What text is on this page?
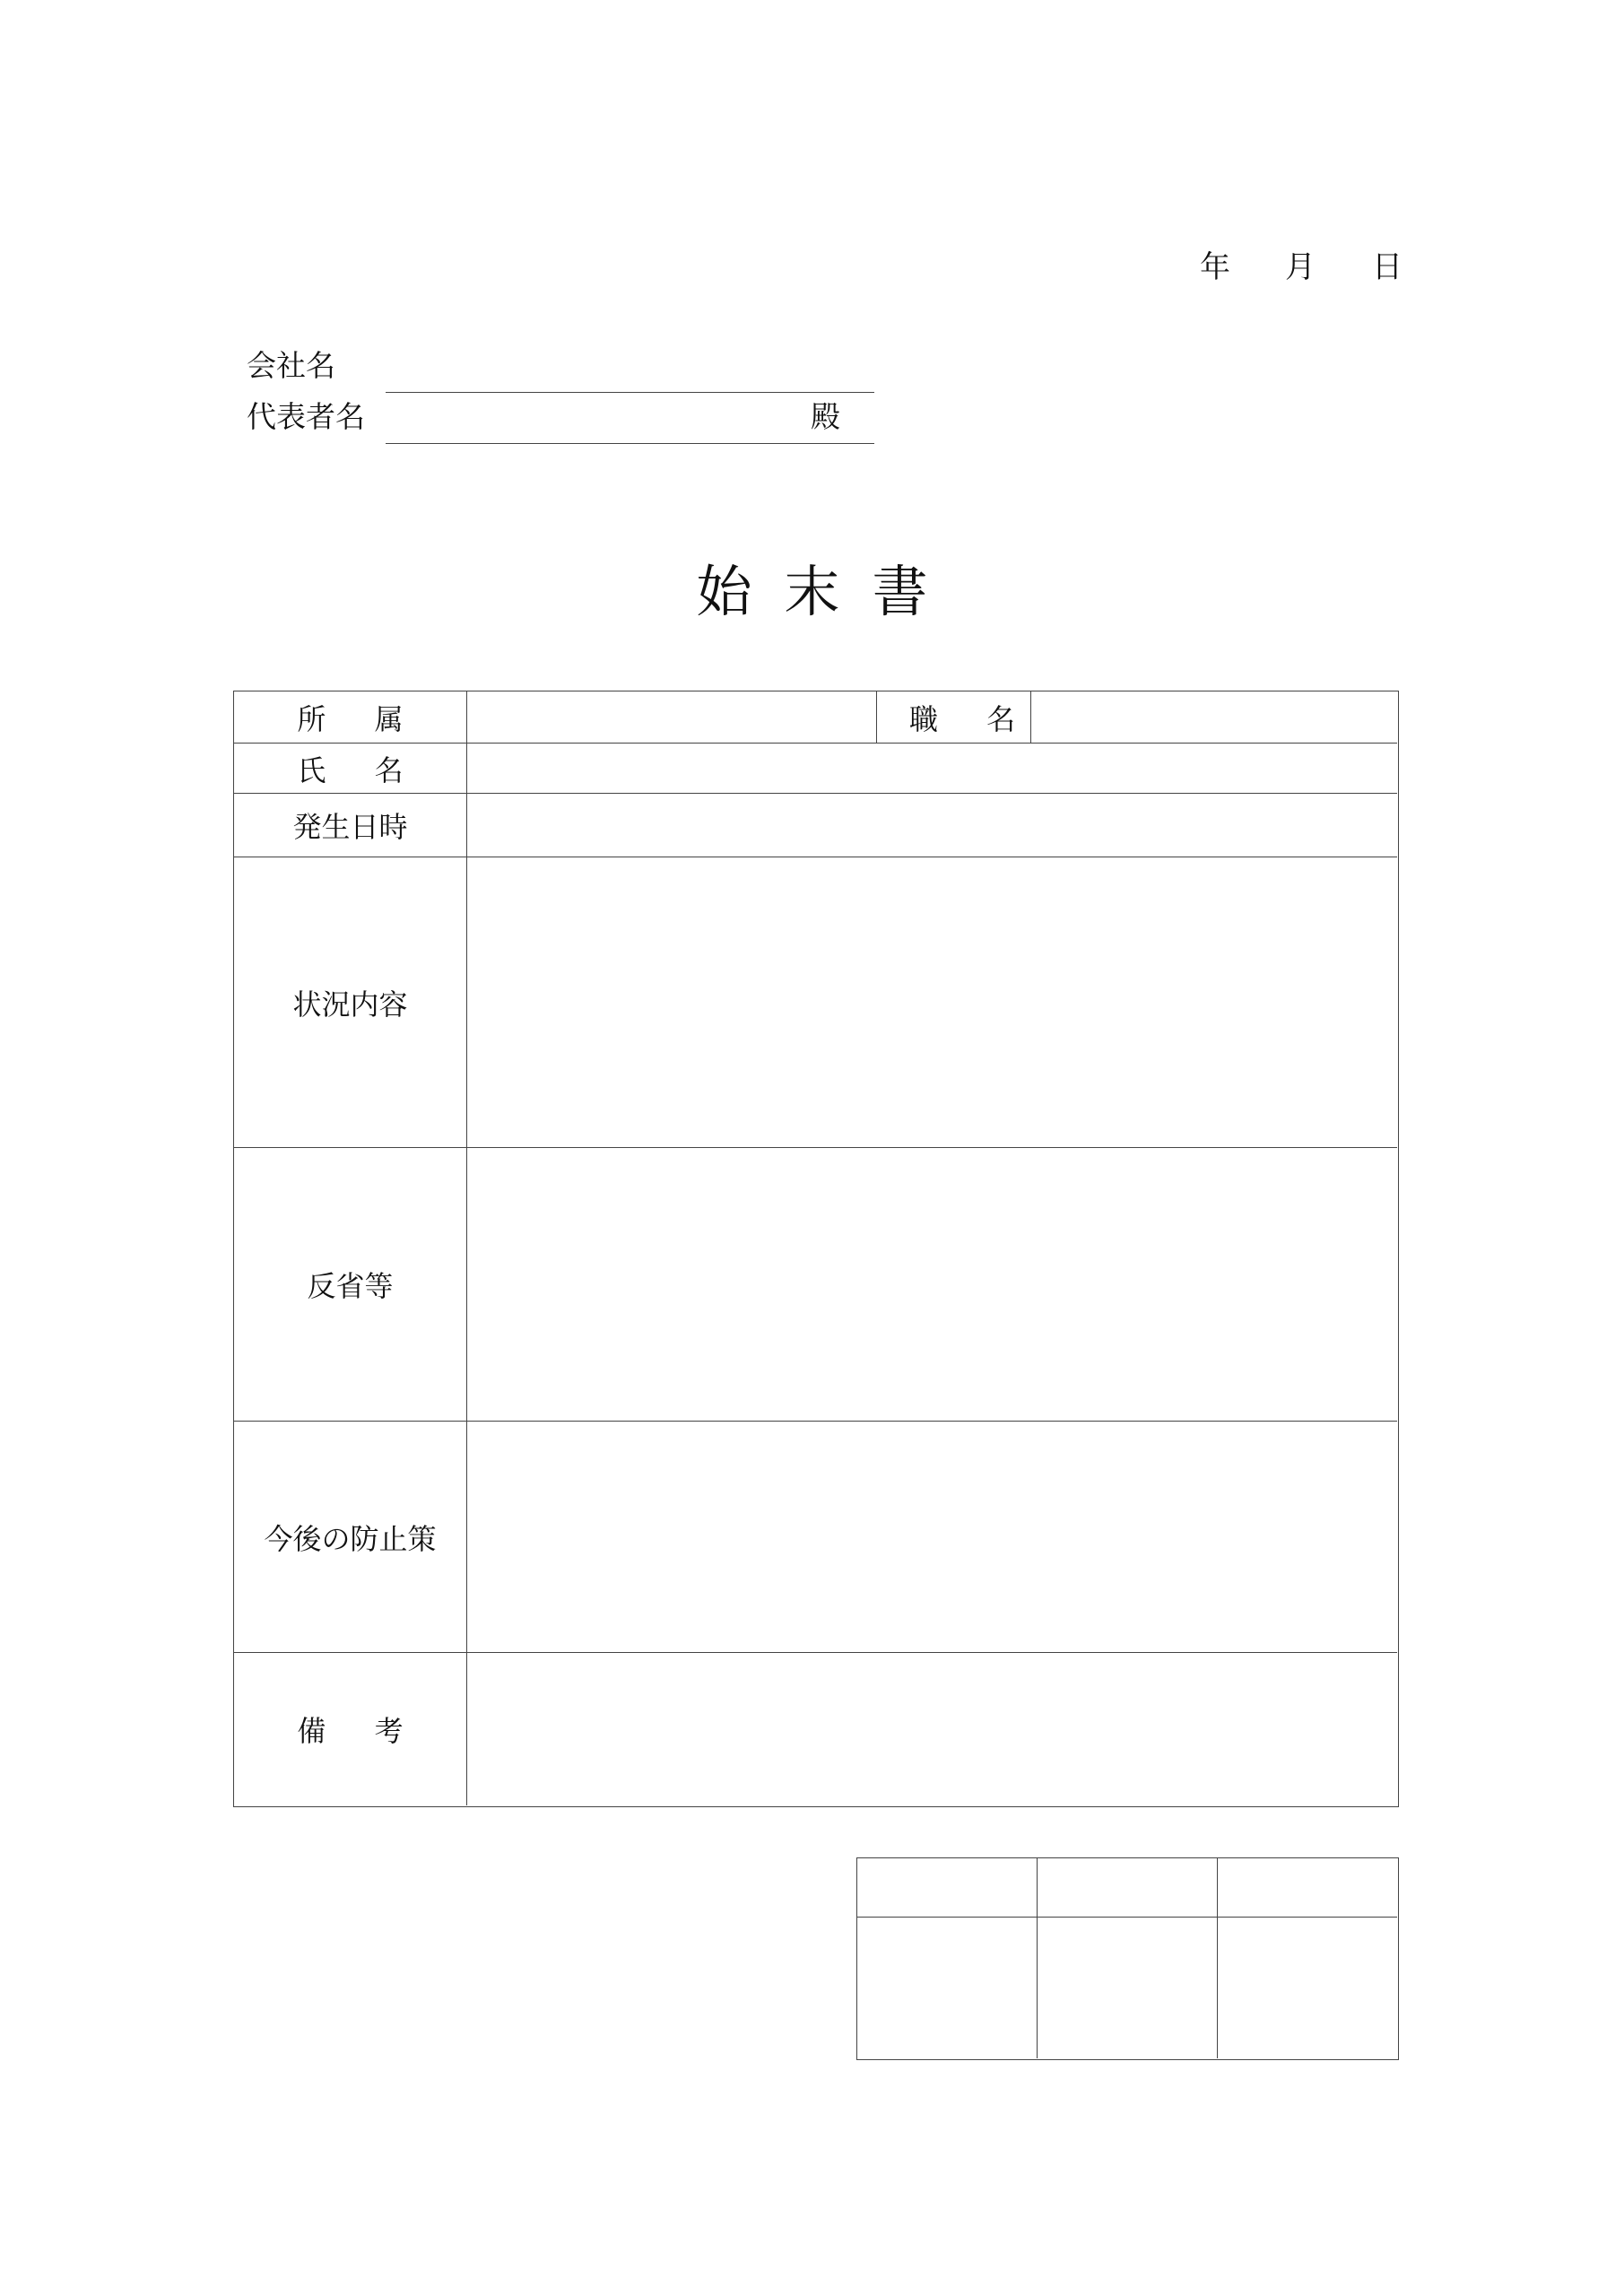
年 月 日
会社名
代表者名	殿
始末書
所 属	職 名
氏 名
発生日時
状況内容
反省等
今後の防止策
備 考
